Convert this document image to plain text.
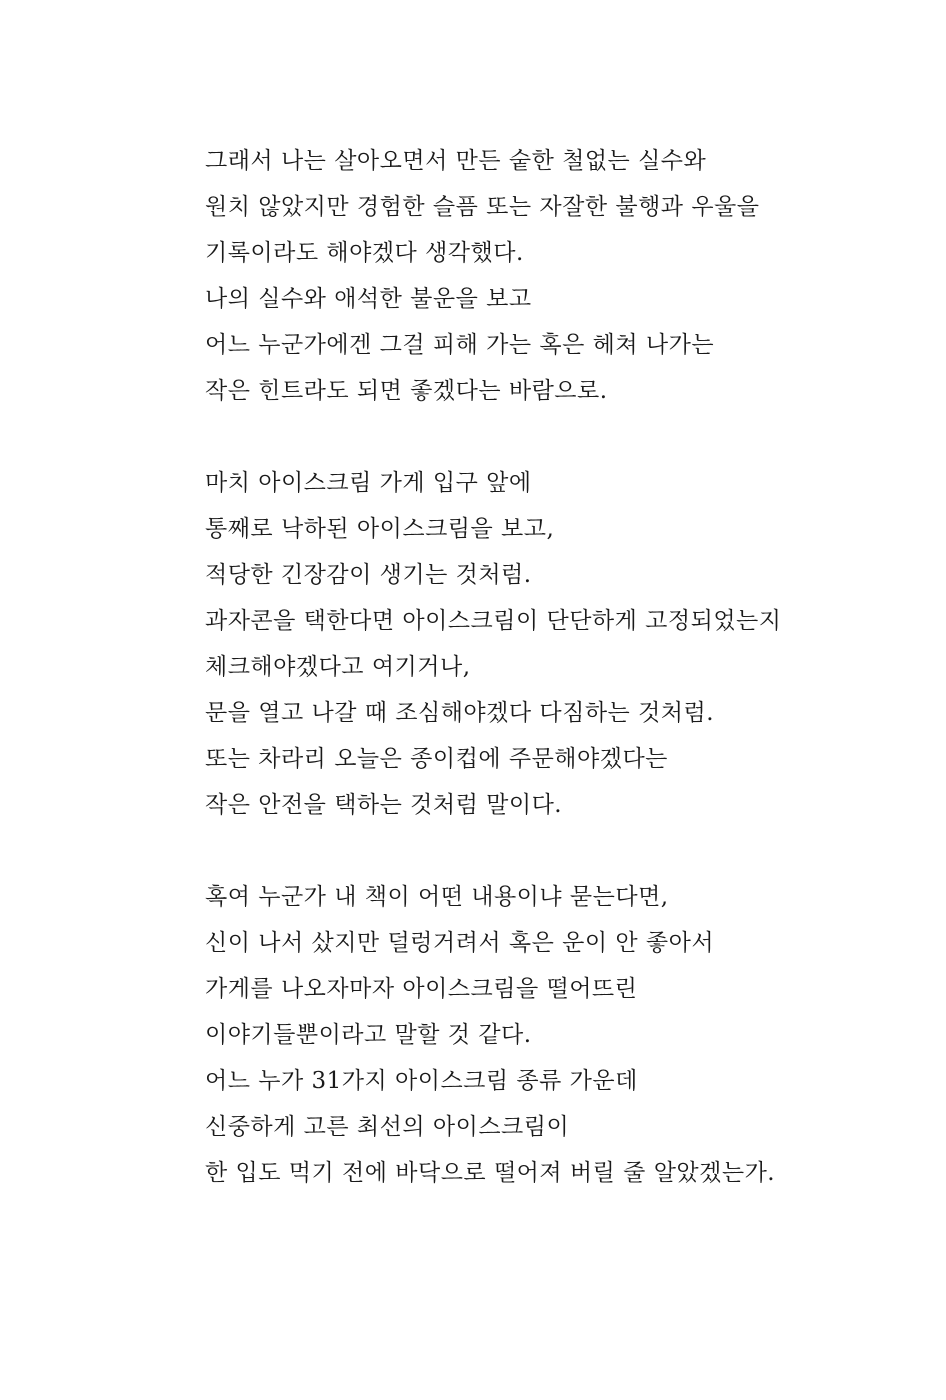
그래서 나는 살아오면서 만든 숱한 철없는 실수와
원치 않았지만 경험한 슬픔 또는 자잘한 불행과 우울을
기록이라도 해야겠다 생각했다.
나의 실수와 애석한 불운을 보고
어느 누군가에겐 그걸 피해 가는 혹은 헤쳐 나가는
작은 힌트라도 되면 좋겠다는 바람으로.
마치 아이스크림 가게 입구 앞에
통째로 낙하된 아이스크림을 보고,
적당한 긴장감이 생기는 것처럼.
과자콘을 택한다면 아이스크림이 단단하게 고정되었는지
체크해야겠다고 여기거나,
문을 열고 나갈 때 조심해야겠다 다짐하는 것처럼.
또는 차라리 오늘은 종이컵에 주문해야겠다는
작은 안전을 택하는 것처럼 말이다.
혹여 누군가 내 책이 어떤 내용이냐 묻는다면,
신이 나서 샀지만 덜렁거려서 혹은 운이 안 좋아서
가게를 나오자마자 아이스크림을 떨어뜨린
이야기들뿐이라고 말할 것 같다.
어느 누가 31가지 아이스크림 종류 가운데
신중하게 고른 최선의 아이스크림이
한 입도 먹기 전에 바닥으로 떨어져 버릴 줄 알았겠는가.
